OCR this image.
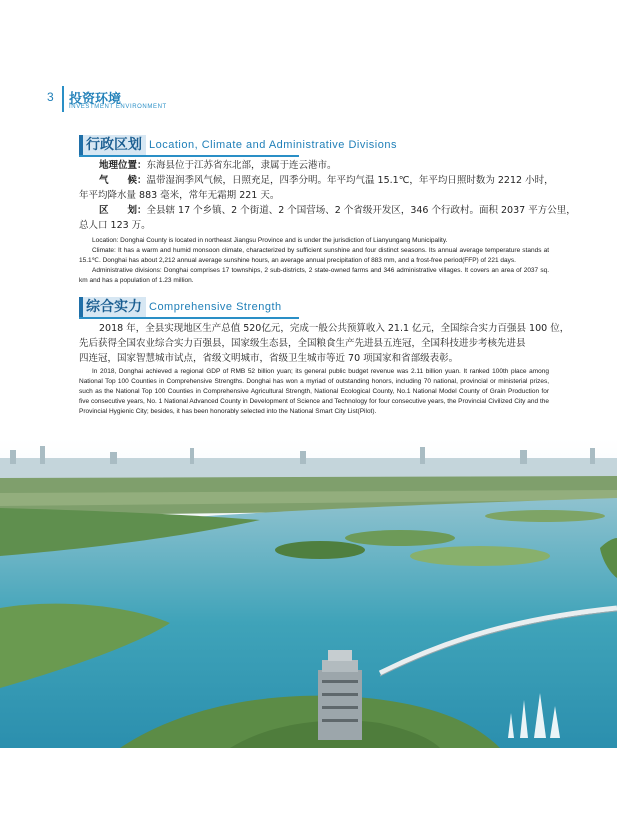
3 投资环境
INVESTMENT ENVIRONMENT
行政区划 Location, Climate and Administrative Divisions

地理位置：东海县位于江苏省东北部，隶属于连云港市。

气　　候：温带湿润季风气候，日照充足，四季分明。年平均气温 15.1℃，年平均日照时数为 2212 小时，

年平均降水量 883 毫米，常年无霜期 221 天。

区　　划：全县辖 17 个乡镇、2 个街道、2 个国营场、2 个省级开发区，346 个行政村。面积 2037 平方公里，

总人口 123 万。

Location: Donghai County is located in northeast Jiangsu Province and is under the jurisdiction of Lianyungang Municipality.

Climate: It has a warm and humid monsoon climate, characterized by sufficient sunshine and four distinct seasons. Its annual average temperature stands at 15.1℃. Donghai has about 2,212 annual average sunshine hours, an average annual precipitation of 883 mm, and a frost-free period(FFP) of 221 days.

Administrative divisions: Donghai comprises 17 townships, 2 sub-districts, 2 state-owned farms and 346 administrative villages. It covers an area of 2037 sq. km and has a population of 1.23 million.

综合实力 Comprehensive Strength

2018 年，全县实现地区生产总值 520亿元，完成一般公共预算收入 21.1 亿元，全国综合实力百强县 100 位，

先后获得全国农业综合实力百强县，国家级生态县，全国粮食生产先进县五连冠，全国科技进步考核先进县

四连冠，国家智慧城市试点，省级文明城市，省级卫生城市等近 70 项国家和省部级表彰。

In 2018, Donghai achieved a regional GDP of RMB 52 billion yuan; its general public budget revenue was 2.11 billion yuan. It ranked 100th place among National Top 100 Counties in Comprehensive Strengths. Donghai has won a myriad of outstanding honors, including 70 national, provincial or ministerial prizes, such as the National Top 100 Counties in Comprehensive Agricultural Strength, National Ecological County, No.1 National Model County of Grain Production for five consecutive years, No. 1 National Advanced County in Development of Science and Technology for four consecutive years, the Provincial Civilized City and the Provincial Hygienic City; besides, it has been honorably selected into the National Smart City List(Pilot).
